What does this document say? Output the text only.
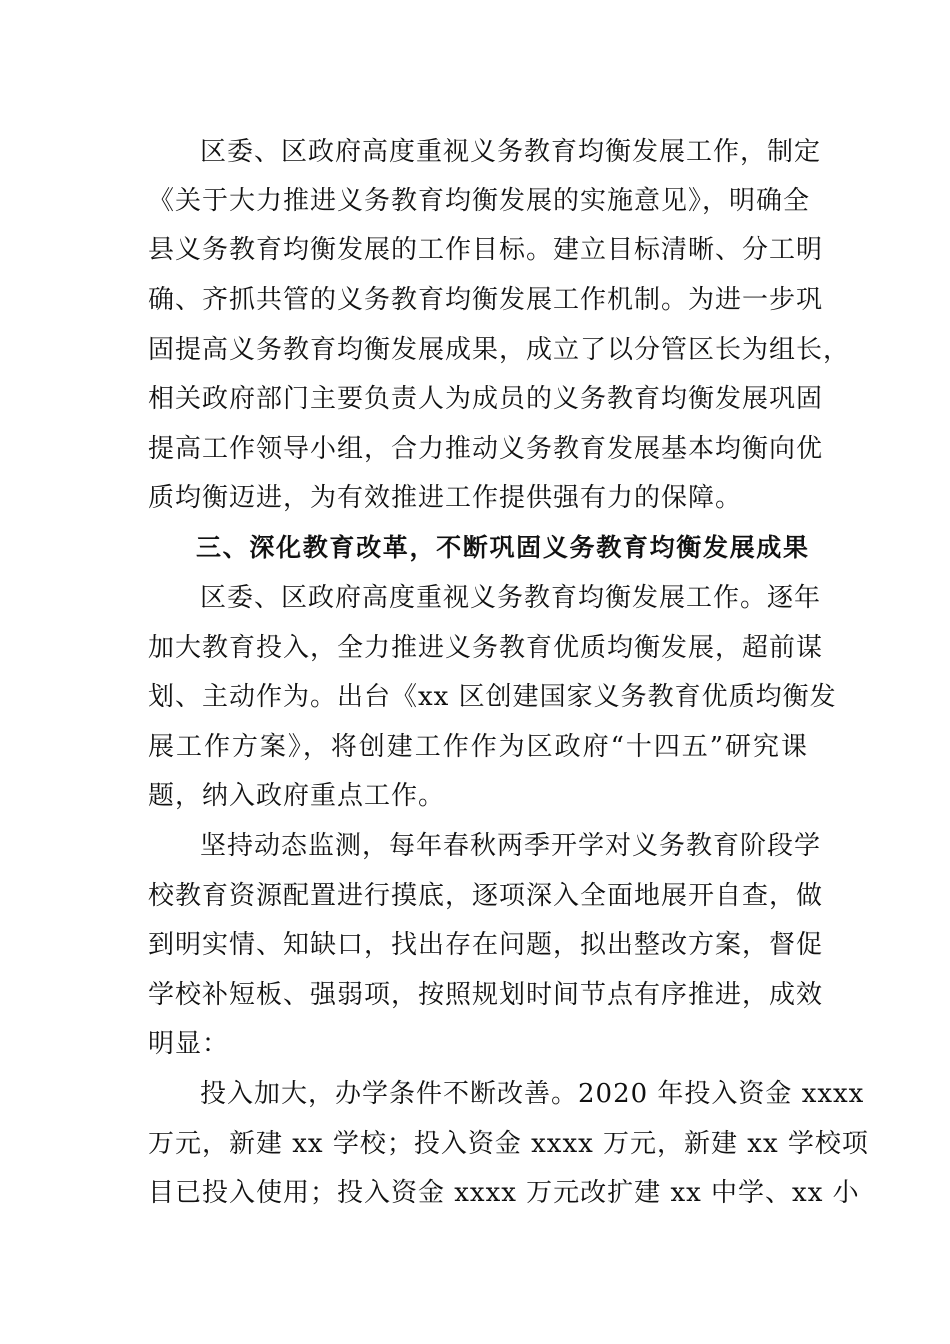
区委、区政府高度重视义务教育均衡发展工作，制定
《关于大力推进义务教育均衡发展的实施意见》，明确全
县义务教育均衡发展的工作目标。建立目标清晰、分工明
确、齐抓共管的义务教育均衡发展工作机制。为进一步巩
固提高义务教育均衡发展成果，成立了以分管区长为组长，
相关政府部门主要负责人为成员的义务教育均衡发展巩固
提高工作领导小组，合力推动义务教育发展基本均衡向优
质均衡迈进，为有效推进工作提供强有力的保障。
三、深化教育改革，不断巩固义务教育均衡发展成果
区委、区政府高度重视义务教育均衡发展工作。逐年
加大教育投入，全力推进义务教育优质均衡发展，超前谋
划、主动作为。出台《xx 区创建国家义务教育优质均衡发
展工作方案》，将创建工作作为区政府“十四五”研究课
题，纳入政府重点工作。
坚持动态监测，每年春秋两季开学对义务教育阶段学
校教育资源配置进行摸底，逐项深入全面地展开自查，做
到明实情、知缺口，找出存在问题，拟出整改方案，督促
学校补短板、强弱项，按照规划时间节点有序推进，成效
明显：
投入加大，办学条件不断改善。2020 年投入资金 xxxx
万元，新建 xx 学校；投入资金 xxxx 万元，新建 xx 学校项
目已投入使用；投入资金 xxxx 万元改扩建 xx 中学、xx 小
